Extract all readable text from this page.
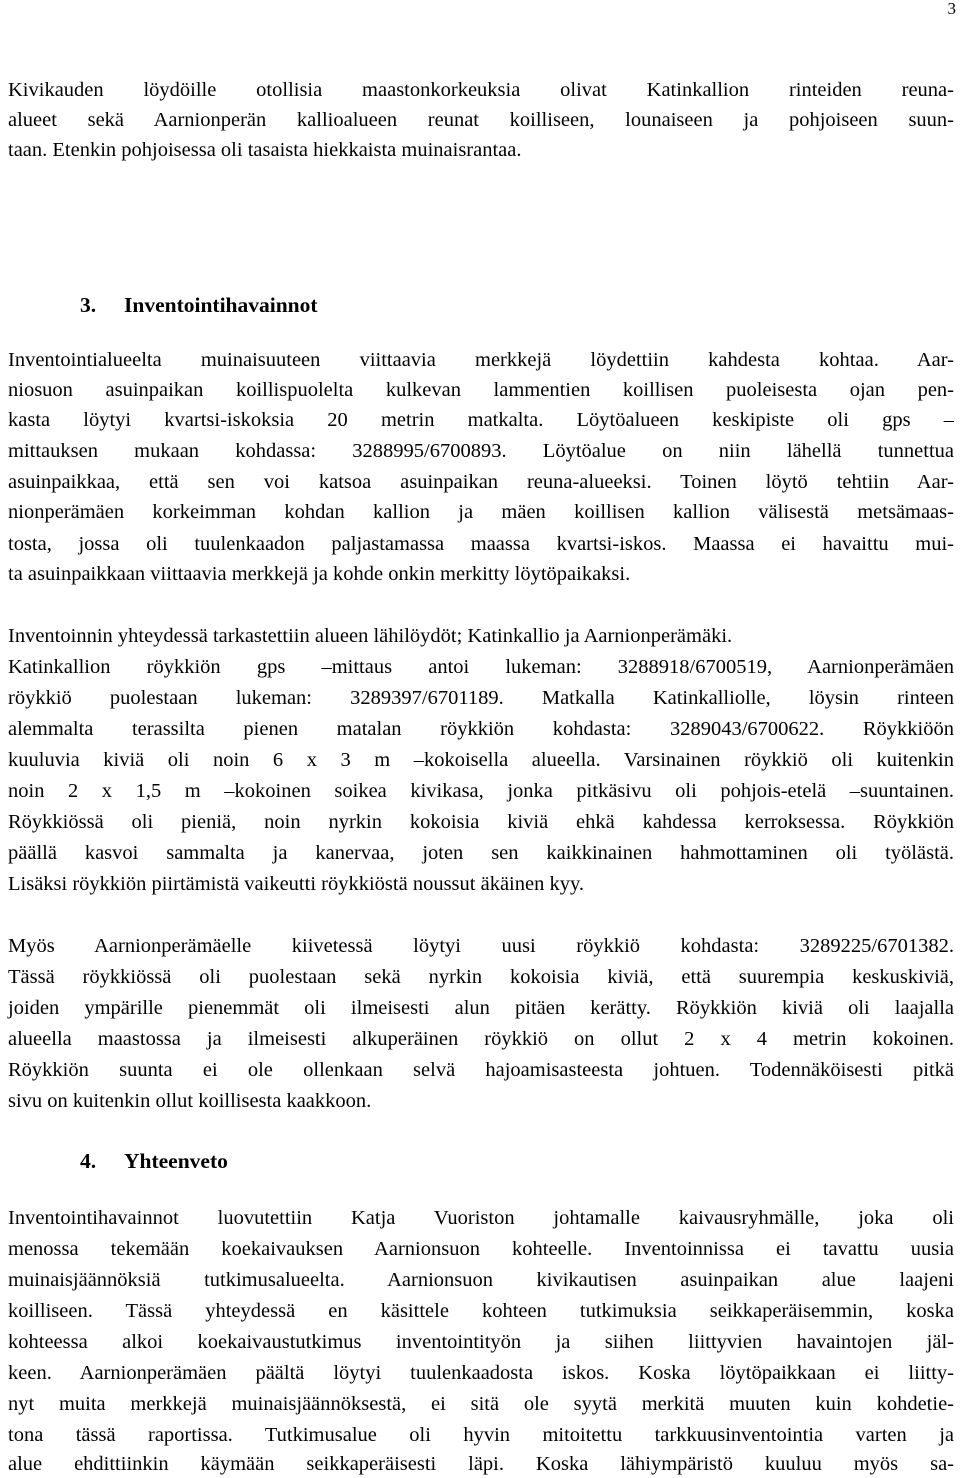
3
Kivikauden löydöille otollisia maastonkorkeuksia olivat Katinkallion rinteiden reuna-
alueet sekä Aarnionperän kallioalueen reunat koilliseen, lounaiseen ja pohjoiseen suun-
taan. Etenkin pohjoisessa oli tasaista hiekkaista muinaisrantaa.
3. Inventointihavainnot
Inventointialueelta muinaisuuteen viittaavia merkkejä löydettiin kahdesta kohtaa. Aar-
niosuon asuinpaikan koillispuolelta kulkevan lammentien koillisen puoleisesta ojan pen-
kasta löytyi kvartsi-iskoksia 20 metrin matkalta. Löytöalueen keskipiste oli gps –
mittauksen mukaan kohdassa: 3288995/6700893. Löytöalue on niin lähellä tunnettua
asuinpaikkaa, että sen voi katsoa asuinpaikan reuna-alueeksi. Toinen löytö tehtiin Aar-
nionperämäen korkeimman kohdan kallion ja mäen koillisen kallion välisestä metsämaas-
tosta, jossa oli tuulenkaadon paljastamassa maassa kvartsi-iskos. Maassa ei havaittu mui-
ta asuinpaikkaan viittaavia merkkejä ja kohde onkin merkitty löytöpaikaksi.
Inventoinnin yhteydessä tarkastettiin alueen lähilöydöt; Katinkallio ja Aarnionperämäki.
Katinkallion röykkiön gps –mittaus antoi lukeman: 3288918/6700519, Aarnionperämäen
röykkiö puolestaan lukeman: 3289397/6701189. Matkalla Katinkalliolle, löysin rinteen
alemmalta terassilta pienen matalan röykkiön kohdasta: 3289043/6700622. Röykkiöön
kuuluvia kiviä oli noin 6 x 3 m –kokoisella alueella. Varsinainen röykkiö oli kuitenkin
noin 2 x 1,5 m –kokoinen soikea kivikasa, jonka pitkäsivu oli pohjois-etelä –suuntainen.
Röykkiössä oli pieniä, noin nyrkin kokoisia kiviä ehkä kahdessa kerroksessa. Röykkiön
päällä kasvoi sammalta ja kanervaa, joten sen kaikkinainen hahmottaminen oli työlästä.
Lisäksi röykkiön piirtämistä vaikeutti röykkiöstä noussut äkäinen kyy.
Myös Aarnionperämäelle kiivetessä löytyi uusi röykkiö kohdasta: 3289225/6701382.
Tässä röykkiössä oli puolestaan sekä nyrkin kokoisia kiviä, että suurempia keskuskiviä,
joiden ympärille pienemmät oli ilmeisesti alun pitäen kerätty. Röykkiön kiviä oli laajalla
alueella maastossa ja ilmeisesti alkuperäinen röykkiö on ollut 2 x 4 metrin kokoinen.
Röykkiön suunta ei ole ollenkaan selvä hajoamisasteesta johtuen. Todennäköisesti pitkä
sivu on kuitenkin ollut koillisesta kaakkoon.
4. Yhteenveto
Inventointihavainnot luovutettiin Katja Vuoriston johtamalle kaivausryhmälle, joka oli
menossa tekemään koekaivauksen Aarnionsuon kohteelle. Inventoinnissa ei tavattu uusia
muinaisjäännöksiä tutkimusalueelta. Aarnionsuon kivikautisen asuinpaikan alue laajeni
koilliseen. Tässä yhteydessä en käsittele kohteen tutkimuksia seikkaperäisemmin, koska
kohteessa alkoi koekaivaustutkimus inventointityön ja siihen liittyvien havaintojen jäl-
keen. Aarnionperämäen päältä löytyi tuulenkaadosta iskos. Koska löytöpaikkaan ei liitty-
nyt muita merkkejä muinaisjäännöksestä, ei sitä ole syytä merkitä muuten kuin kohdetie-
tona tässä raportissa. Tutkimusalue oli hyvin mitoitettu tarkkuusinventointia varten ja
alue ehdittiinkin käymään seikkaperäisesti läpi. Koska lähiympäristö kuuluu myös sa-
